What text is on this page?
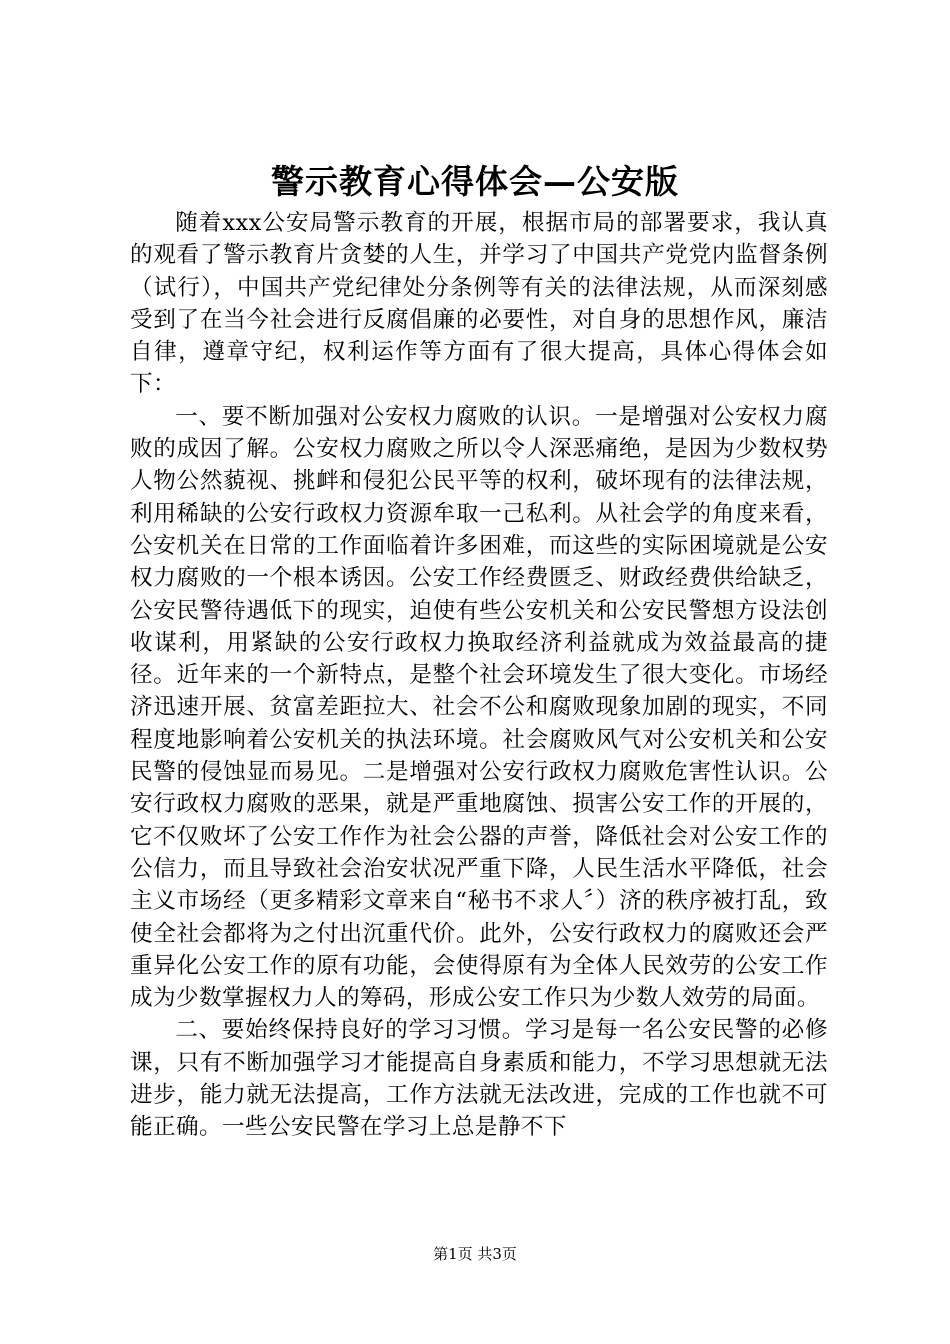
警示教育心得体会—公安版

随着xxx公安局警示教育的开展，根据市局的部署要求，我认真的观看了警示教育片贪婪的人生，并学习了中国共产党党内监督条例（试行），中国共产党纪律处分条例等有关的法律法规，从而深刻感受到了在当今社会进行反腐倡廉的必要性，对自身的思想作风，廉洁自律，遵章守纪，权利运作等方面有了很大提高，具体心得体会如下：

一、要不断加强对公安权力腐败的认识。一是增强对公安权力腐败的成因了解。公安权力腐败之所以令人深恶痛绝，是因为少数权势人物公然藐视、挑衅和侵犯公民平等的权利，破坏现有的法律法规，利用稀缺的公安行政权力资源牟取一己私利。从社会学的角度来看，公安机关在日常的工作面临着许多困难，而这些的实际困境就是公安权力腐败的一个根本诱因。公安工作经费匮乏、财政经费供给缺乏，公安民警待遇低下的现实，迫使有些公安机关和公安民警想方设法创收谋利，用紧缺的公安行政权力换取经济利益就成为效益最高的捷径。近年来的一个新特点，是整个社会环境发生了很大变化。市场经济迅速开展、贫富差距拉大、社会不公和腐败现象加剧的现实，不同程度地影响着公安机关的执法环境。社会腐败风气对公安机关和公安民警的侵蚀显而易见。二是增强对公安行政权力腐败危害性认识。公安行政权力腐败的恶果，就是严重地腐蚀、损害公安工作的开展的，它不仅败坏了公安工作作为社会公器的声誉，降低社会对公安工作的公信力，而且导致社会治安状况严重下降，人民生活水平降低，社会主义市场经（更多精彩文章来自“秘书不求人〞）济的秩序被打乱，致使全社会都将为之付出沉重代价。此外，公安行政权力的腐败还会严重异化公安工作的原有功能，会使得原有为全体人民效劳的公安工作成为少数掌握权力人的筹码，形成公安工作只为少数人效劳的局面。

二、要始终保持良好的学习习惯。学习是每一名公安民警的必修课，只有不断加强学习才能提高自身素质和能力，不学习思想就无法进步，能力就无法提高，工作方法就无法改进，完成的工作也就不可能正确。一些公安民警在学习上总是静不下

第1页 共3页
